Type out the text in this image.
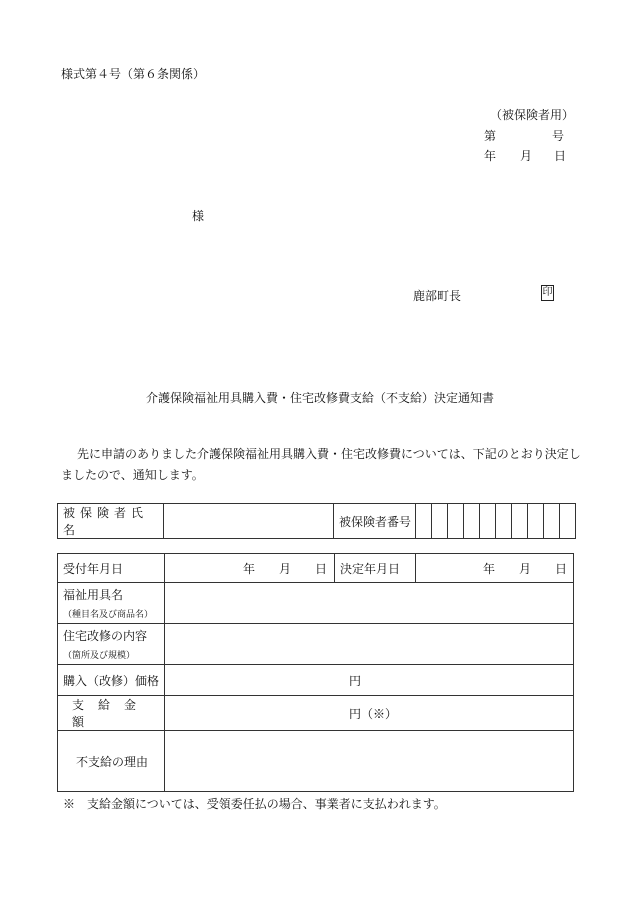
様式第４号（第６条関係）
（被保険者用）
第	号
年 月 日
様
鹿部町長	印
介護保険福祉用具購入費・住宅改修費支給（不支給）決定通知書
先に申請のありました介護保険福祉用具購入費・住宅改修費については、下記のとおり決定し
ましたので、通知します。
被保険者氏名		被保険者番号										
受付年月日	年 月 日	決定年月日	年 月 日
福祉用具名
（種目名及び商品名）			

住宅改修の内容
（箇所及び規模）			

購入（改修）価格	円		
支給金額	円（※）		
不支給の理由			
※　支給金額については、受領委任払の場合、事業者に支払われます。
